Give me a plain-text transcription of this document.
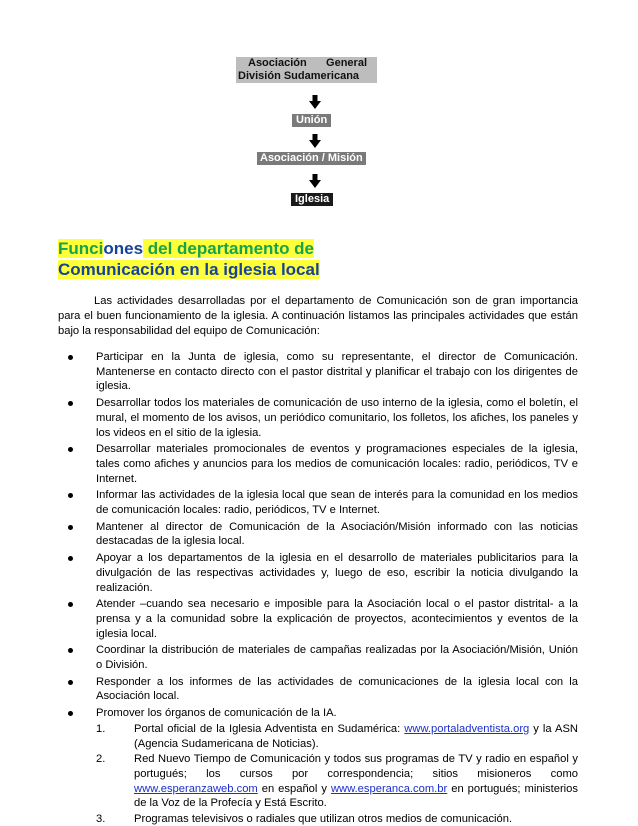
Asociación General
División Sudamericana
Unión
Asociación / Misión
Iglesia
Funciones del departamento de
Comunicación en la iglesia local

Las actividades desarrolladas por el departamento de Comunicación son de gran importancia para el buen funcionamiento de la iglesia. A continuación listamos las principales actividades que están bajo la responsabilidad del equipo de Comunicación:

Participar en la Junta de iglesia, como su representante, el director de Comunicación. Mantenerse en contacto directo con el pastor distrital y planificar el trabajo con los dirigentes de iglesia.
Desarrollar todos los materiales de comunicación de uso interno de la iglesia, como el boletín, el mural, el momento de los avisos, un periódico comunitario, los folletos, los afiches, los paneles y los videos en el sitio de la iglesia.
Desarrollar materiales promocionales de eventos y programaciones especiales de la iglesia, tales como afiches y anuncios para los medios de comunicación locales: radio, periódicos, TV e Internet.
Informar las actividades de la iglesia local que sean de interés para la comunidad en los medios de comunicación locales: radio, periódicos, TV e Internet.
Mantener al director de Comunicación de la Asociación/Misión informado con las noticias destacadas de la iglesia local.
Apoyar a los departamentos de la iglesia en el desarrollo de materiales publicitarios para la divulgación de las respectivas actividades y, luego de eso, escribir la noticia divulgando la realización.
Atender –cuando sea necesario e imposible para la Asociación local o el pastor distrital- a la prensa y a la comunidad sobre la explicación de proyectos, acontecimientos y eventos de la iglesia local.
Coordinar la distribución de materiales de campañas realizadas por la Asociación/Misión, Unión o División.
Responder a los informes de las actividades de comunicaciones de la iglesia local con la Asociación local.
Promover los órganos de comunicación de la IA.
1.	Portal oficial de la Iglesia Adventista en Sudamérica: www.portaladventista.org y la ASN (Agencia Sudamericana de Noticias).
2.	Red Nuevo Tiempo de Comunicación y todos sus programas de TV y radio en español y portugués; los cursos por correspondencia; sitios misioneros como www.esperanzaweb.com en español y www.esperanca.com.br en portugués; ministerios de la Voz de la Profecía y Está Escrito.
3.	Programas televisivos o radiales que utilizan otros medios de comunicación.
